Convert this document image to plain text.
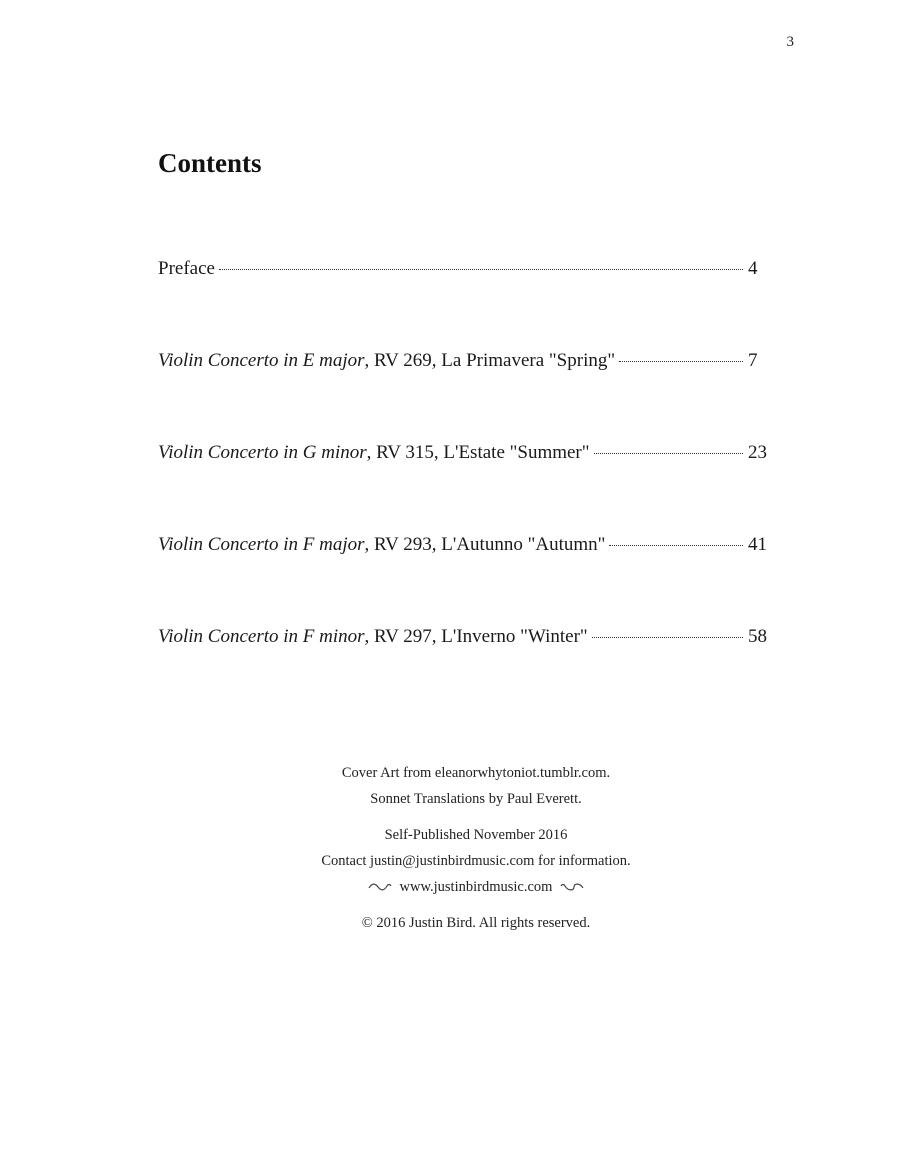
3
Contents
Preface	4
Violin Concerto in E major, RV 269, La Primavera "Spring"	7
Violin Concerto in G minor, RV 315, L'Estate "Summer"	23
Violin Concerto in F major, RV 293, L'Autunno "Autumn"	41
Violin Concerto in F minor, RV 297, L'Inverno "Winter"	58

Cover Art from eleanorwhytoniot.tumblr.com.

Sonnet Translations by Paul Everett.

Self-Published November 2016

Contact justin@justinbirdmusic.com for information.

www.justinbirdmusic.com

© 2016 Justin Bird. All rights reserved.
